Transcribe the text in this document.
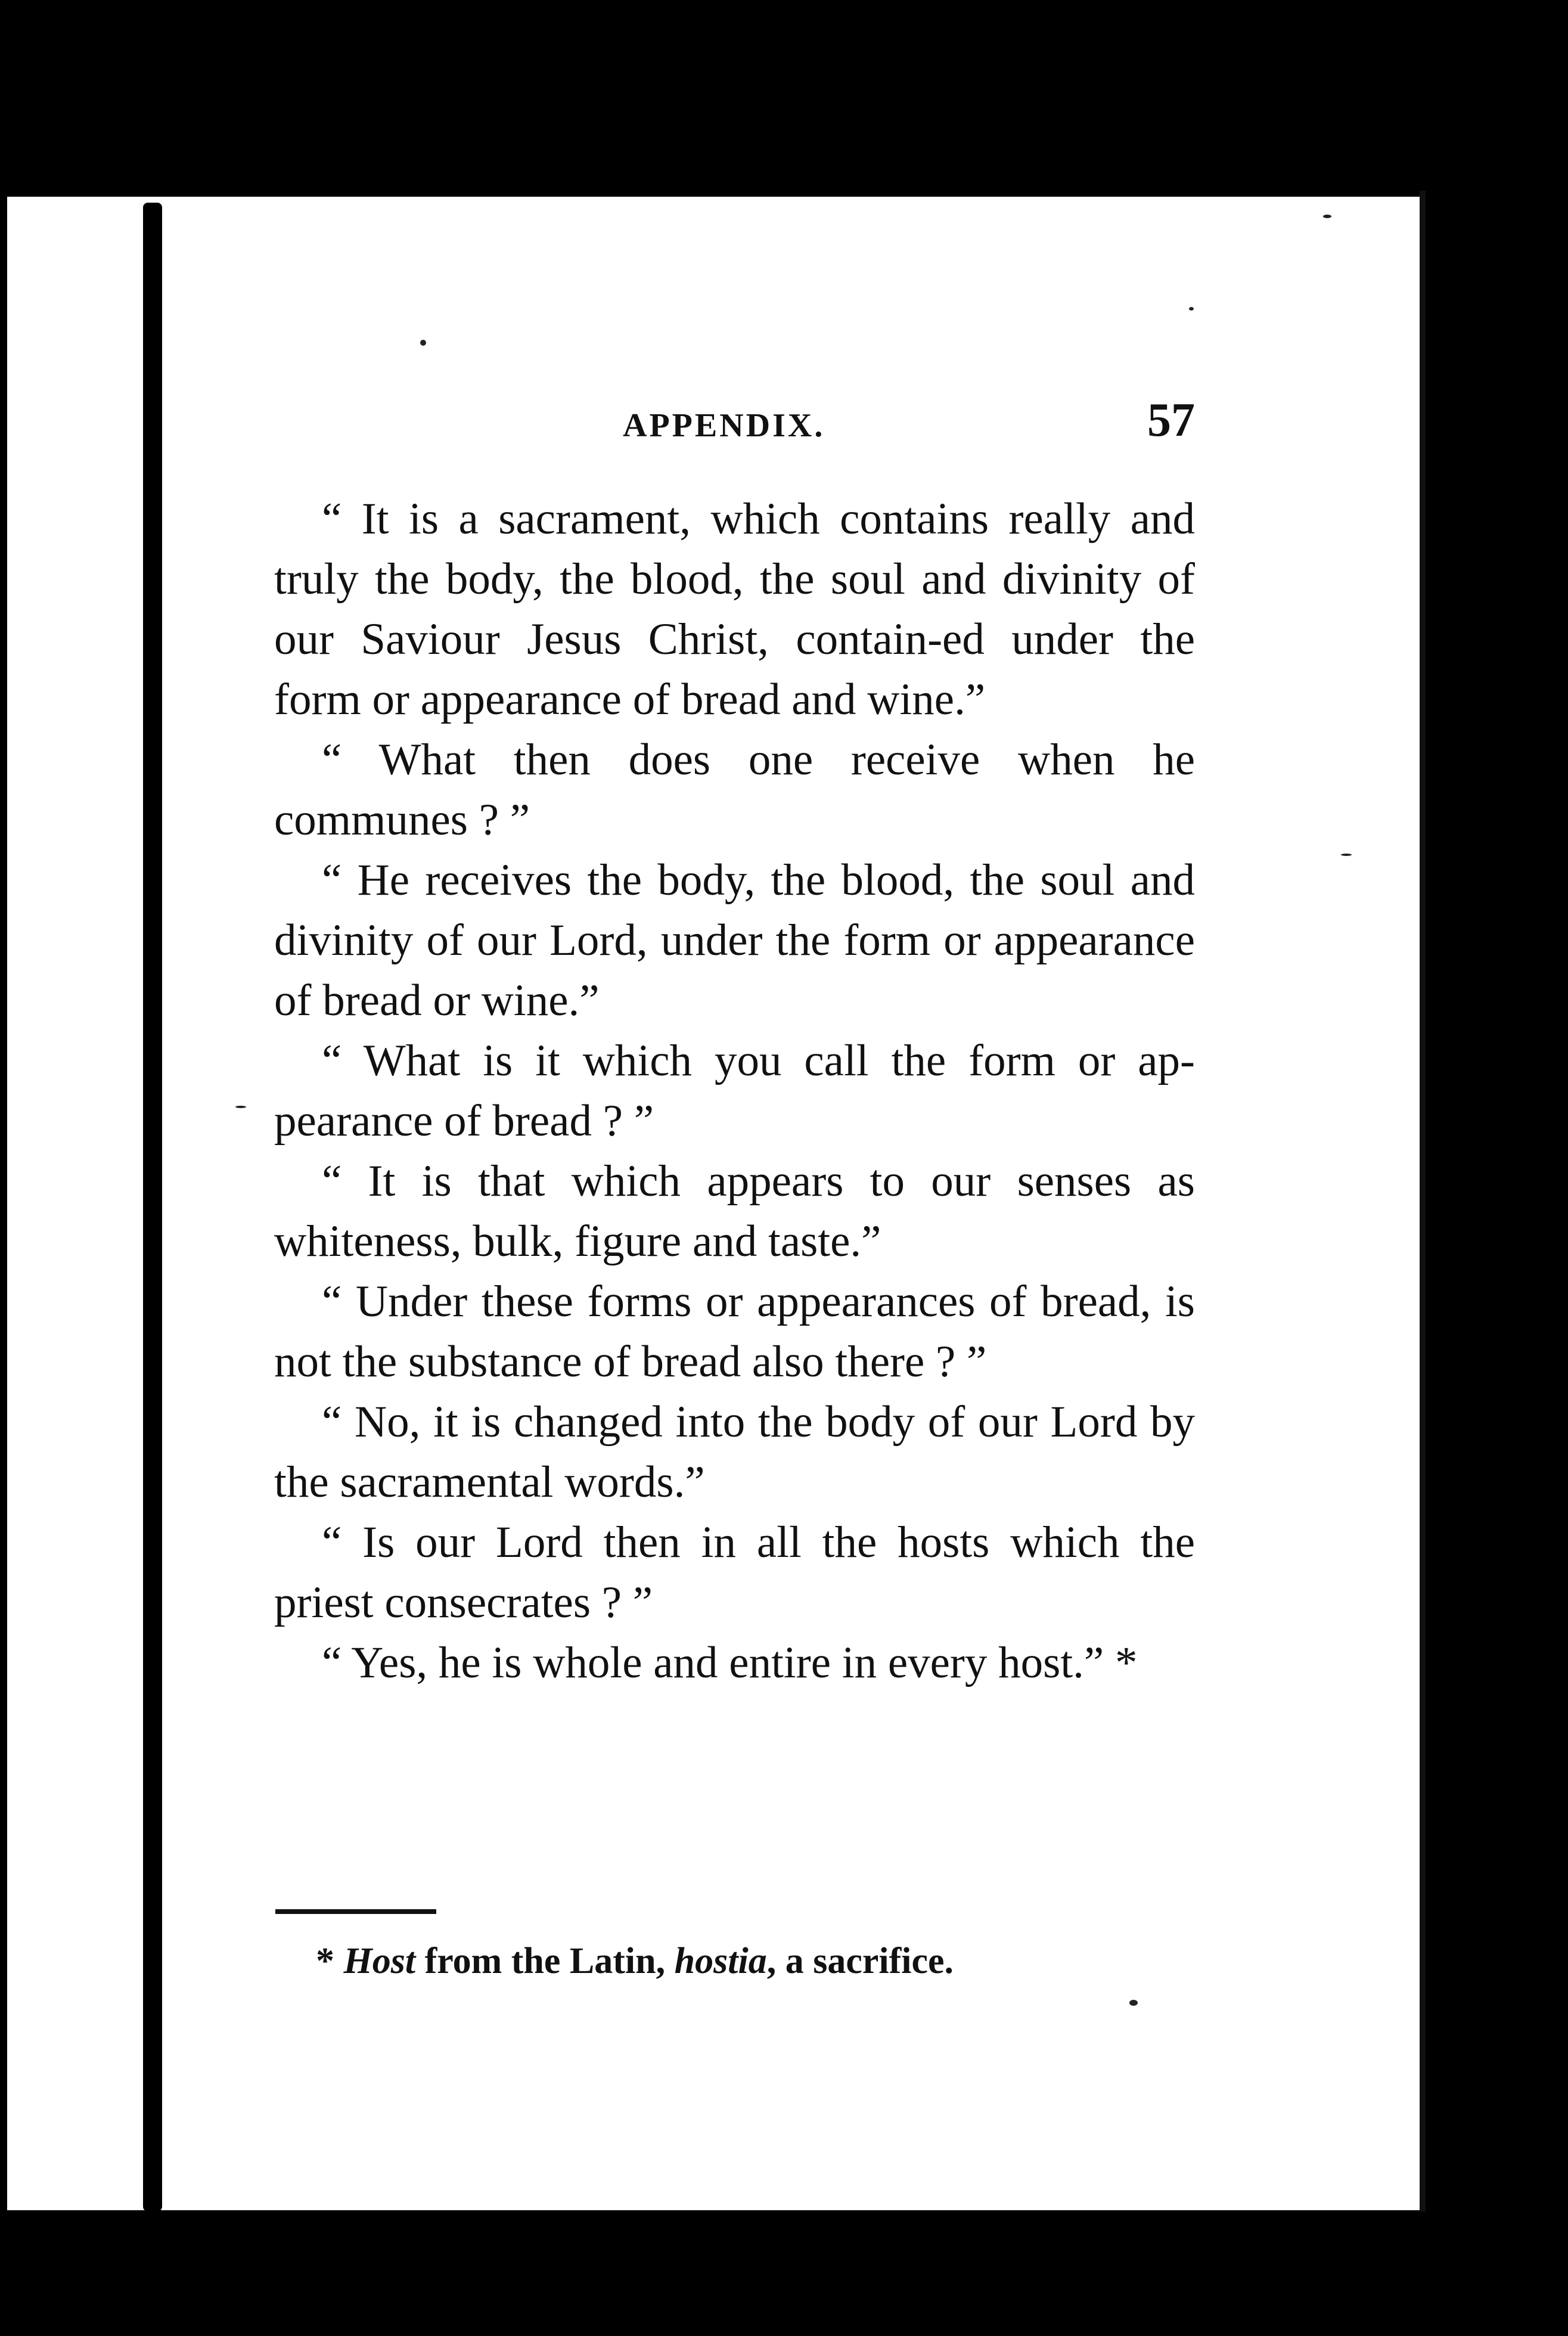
APPENDIX.	57

“ It is a sacrament, which contains really and truly the body, the blood, the soul and divinity of our Saviour Jesus Christ, contain-ed under the form or appearance of bread and wine.”

“ What then does one receive when he communes ? ”

“ He receives the body, the blood, the soul and divinity of our Lord, under the form or appearance of bread or wine.”

“ What is it which you call the form or ap-pearance of bread ? ”

“ It is that which appears to our senses as whiteness, bulk, figure and taste.”

“ Under these forms or appearances of bread, is not the substance of bread also there ? ”

“ No, it is changed into the body of our Lord by the sacramental words.”

“ Is our Lord then in all the hosts which the priest consecrates ? ”

“ Yes, he is whole and entire in every host.” *

* Host from the Latin, hostia, a sacrifice.
